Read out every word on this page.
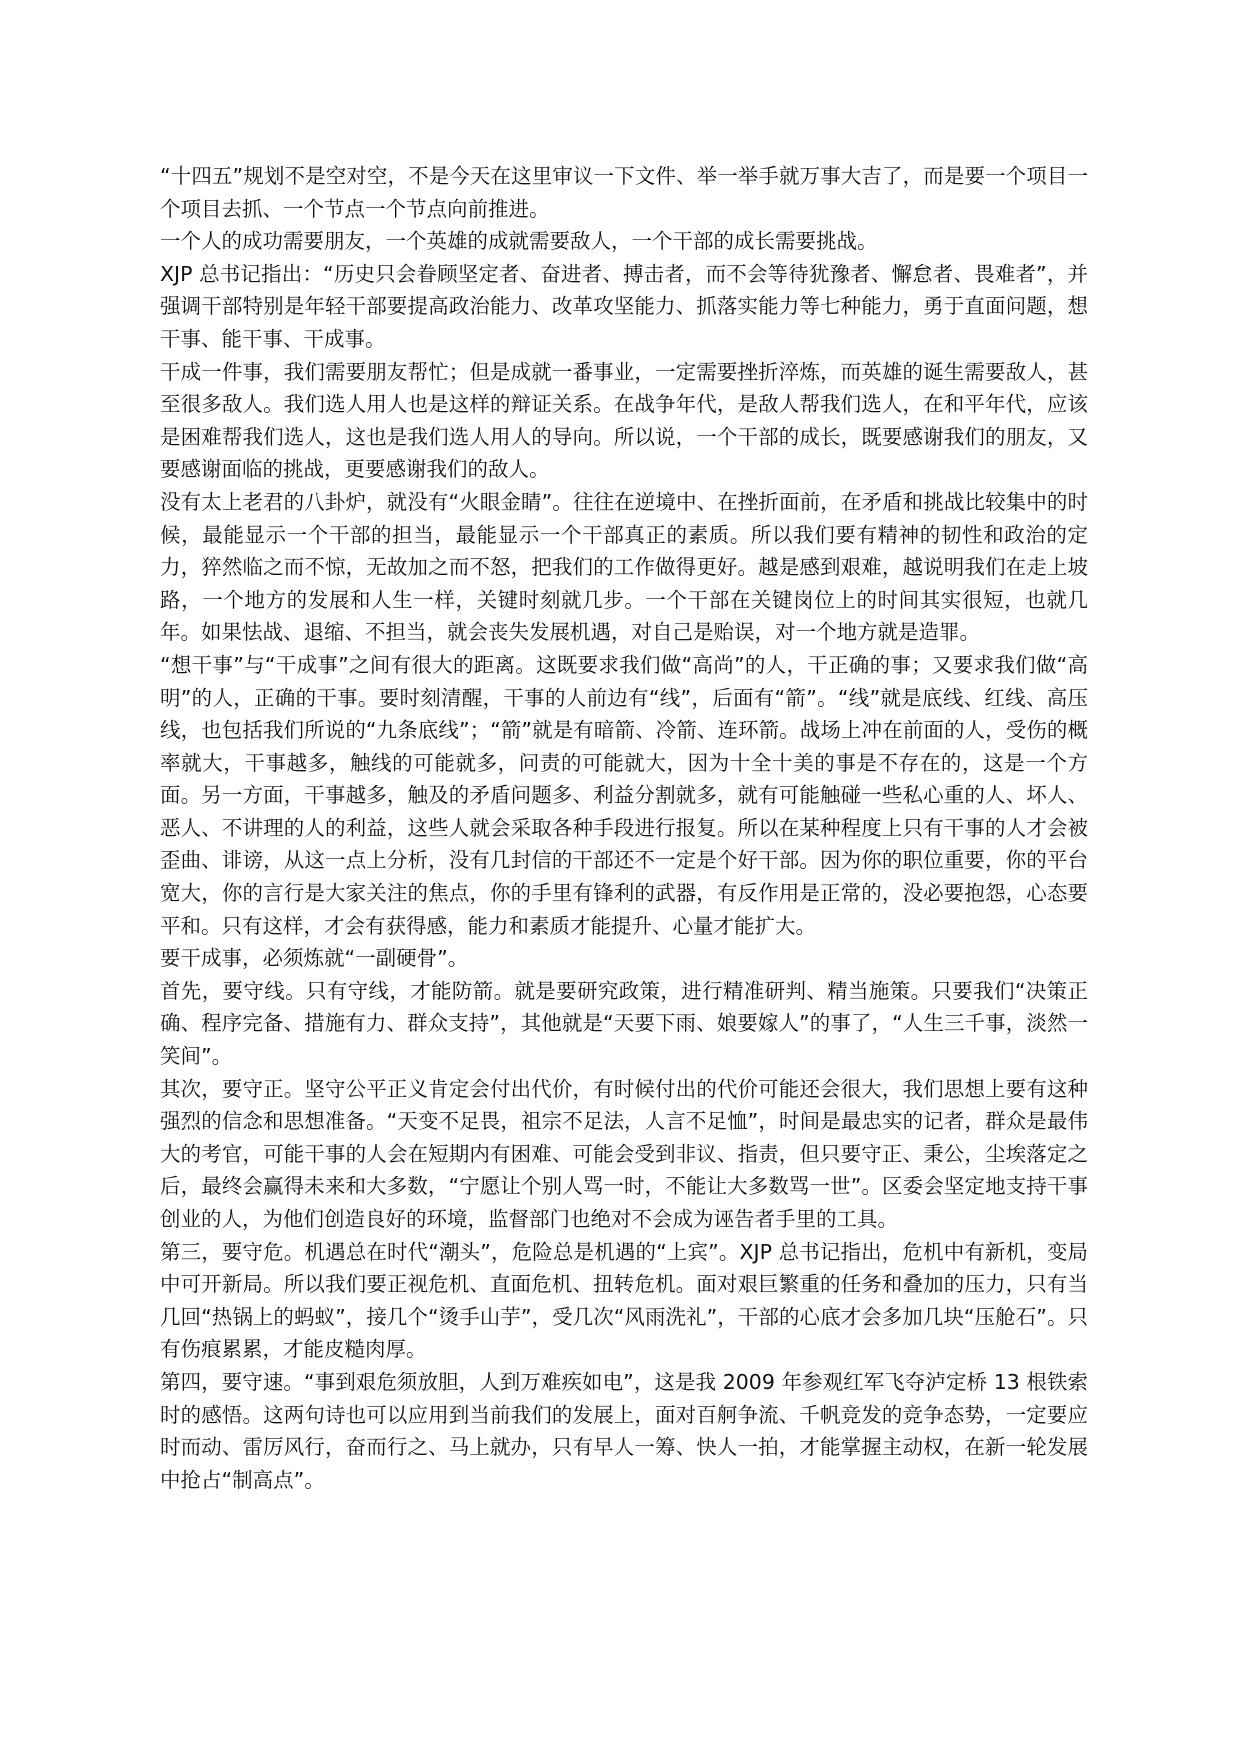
“十四五”规划不是空对空，不是今天在这里审议一下文件、举一举手就万事大吉了，而是要一个项目一个项目去抓、一个节点一个节点向前推进。

一个人的成功需要朋友，一个英雄的成就需要敌人，一个干部的成长需要挑战。

XJP 总书记指出：“历史只会眷顾坚定者、奋进者、搏击者，而不会等待犹豫者、懈怠者、畏难者”，并强调干部特别是年轻干部要提高政治能力、改革攻坚能力、抓落实能力等七种能力，勇于直面问题，想干事、能干事、干成事。

干成一件事，我们需要朋友帮忙；但是成就一番事业，一定需要挫折淬炼，而英雄的诞生需要敌人，甚至很多敌人。我们选人用人也是这样的辩证关系。在战争年代，是敌人帮我们选人，在和平年代，应该是困难帮我们选人，这也是我们选人用人的导向。所以说，一个干部的成长，既要感谢我们的朋友，又要感谢面临的挑战，更要感谢我们的敌人。

没有太上老君的八卦炉，就没有“火眼金睛”。往往在逆境中、在挫折面前，在矛盾和挑战比较集中的时候，最能显示一个干部的担当，最能显示一个干部真正的素质。所以我们要有精神的韧性和政治的定力，猝然临之而不惊，无故加之而不怒，把我们的工作做得更好。越是感到艰难，越说明我们在走上坡路，一个地方的发展和人生一样，关键时刻就几步。一个干部在关键岗位上的时间其实很短，也就几年。如果怯战、退缩、不担当，就会丧失发展机遇，对自己是贻误，对一个地方就是造罪。

“想干事”与“干成事”之间有很大的距离。这既要求我们做“高尚”的人，干正确的事；又要求我们做“高明”的人，正确的干事。要时刻清醒，干事的人前边有“线”，后面有“箭”。“线”就是底线、红线、高压线，也包括我们所说的“九条底线”；“箭”就是有暗箭、冷箭、连环箭。战场上冲在前面的人，受伤的概率就大，干事越多，触线的可能就多，问责的可能就大，因为十全十美的事是不存在的，这是一个方面。另一方面，干事越多，触及的矛盾问题多、利益分割就多，就有可能触碰一些私心重的人、坏人、恶人、不讲理的人的利益，这些人就会采取各种手段进行报复。所以在某种程度上只有干事的人才会被歪曲、诽谤，从这一点上分析，没有几封信的干部还不一定是个好干部。因为你的职位重要，你的平台宽大，你的言行是大家关注的焦点，你的手里有锋利的武器，有反作用是正常的，没必要抱怨，心态要平和。只有这样，才会有获得感，能力和素质才能提升、心量才能扩大。

要干成事，必须炼就“一副硬骨”。

首先，要守线。只有守线，才能防箭。就是要研究政策，进行精准研判、精当施策。只要我们“决策正确、程序完备、措施有力、群众支持”，其他就是“天要下雨、娘要嫁人”的事了，“人生三千事，淡然一笑间”。

其次，要守正。坚守公平正义肯定会付出代价，有时候付出的代价可能还会很大，我们思想上要有这种强烈的信念和思想准备。“天变不足畏，祖宗不足法，人言不足恤”，时间是最忠实的记者，群众是最伟大的考官，可能干事的人会在短期内有困难、可能会受到非议、指责，但只要守正、秉公，尘埃落定之后，最终会赢得未来和大多数，“宁愿让个别人骂一时，不能让大多数骂一世”。区委会坚定地支持干事创业的人，为他们创造良好的环境，监督部门也绝对不会成为诬告者手里的工具。

第三，要守危。机遇总在时代“潮头”，危险总是机遇的“上宾”。XJP 总书记指出，危机中有新机，变局中可开新局。所以我们要正视危机、直面危机、扭转危机。面对艰巨繁重的任务和叠加的压力，只有当几回“热锅上的蚂蚁”，接几个“烫手山芋”，受几次“风雨洗礼”，干部的心底才会多加几块“压舱石”。只有伤痕累累，才能皮糙肉厚。

第四，要守速。“事到艰危须放胆，人到万难疾如电”，这是我 2009 年参观红军飞夺泸定桥 13 根铁索时的感悟。这两句诗也可以应用到当前我们的发展上，面对百舸争流、千帆竞发的竞争态势，一定要应时而动、雷厉风行，奋而行之、马上就办，只有早人一筹、快人一拍，才能掌握主动权，在新一轮发展中抢占“制高点”。
